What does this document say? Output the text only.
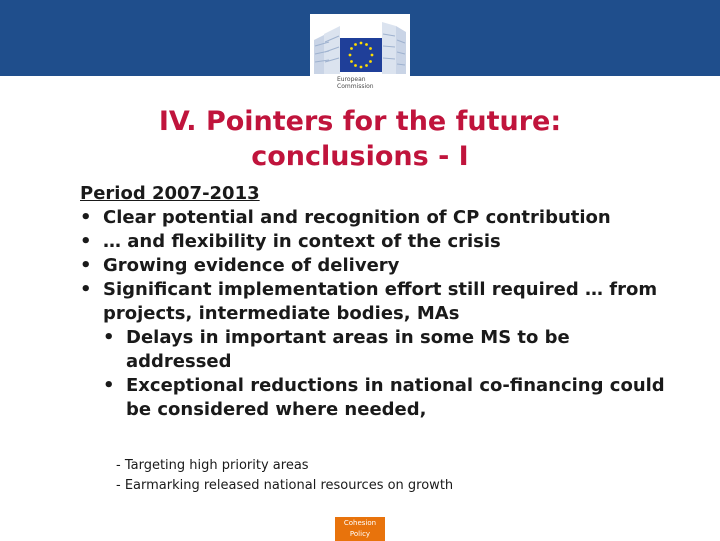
European
Commission
IV. Pointers for the future:
conclusions - I
Period 2007-2013
• Clear potential and recognition of CP contribution
• … and flexibility in context of the crisis
• Growing evidence of delivery
• Significant implementation effort still required … from projects, intermediate bodies, MAs
• Delays in important areas in some MS to be addressed
• Exceptional reductions in national co-financing could be considered where needed,
- Targeting high priority areas
- Earmarking released national resources on growth
Cohesion
Policy
